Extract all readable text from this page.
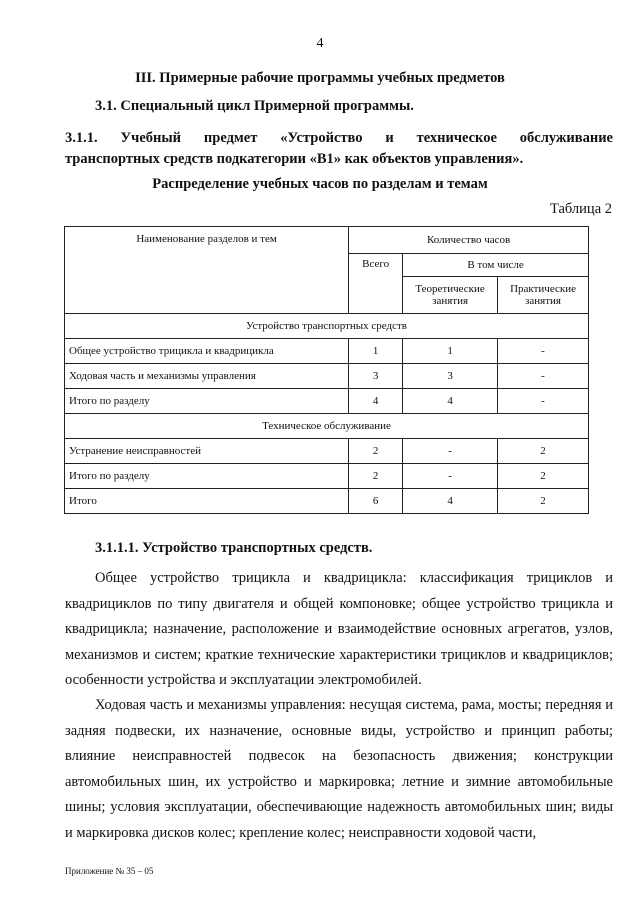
4
III. Примерные рабочие программы учебных предметов
3.1. Специальный цикл Примерной программы.
3.1.1. Учебный предмет «Устройство и техническое обслуживание
транспортных средств подкатегории «B1» как объектов управления».
Распределение учебных часов по разделам и темам
Таблица 2
Наименование разделов и тем	Количество часов		
	Всего	В том числе	
		Теоретические занятия	Практические занятия
Устройство транспортных средств			
Общее устройство трицикла и квадрицикла	1	1	-
Ходовая часть и механизмы управления	3	3	-
Итого по разделу	4	4	-
Техническое обслуживание			
Устранение неисправностей	2	-	2
Итого по разделу	2	-	2
Итого	6	4	2
3.1.1.1. Устройство транспортных средств.

Общее устройство трицикла и квадрицикла: классификация трициклов и квадрициклов по типу двигателя и общей компоновке; общее устройство трицикла и квадрицикла; назначение, расположение и взаимодействие основных агрегатов, узлов, механизмов и систем; краткие технические характеристики трициклов и квадрициклов; особенности устройства и эксплуатации электромобилей.

Ходовая часть и механизмы управления: несущая система, рама, мосты; передняя и задняя подвески, их назначение, основные виды, устройство и принцип работы; влияние неисправностей подвесок на безопасность движения; конструкции автомобильных шин, их устройство и маркировка; летние и зимние автомобильные шины; условия эксплуатации, обеспечивающие надежность автомобильных шин; виды и маркировка дисков колес; крепление колес; неисправности ходовой части,

Приложение № 35 – 05
